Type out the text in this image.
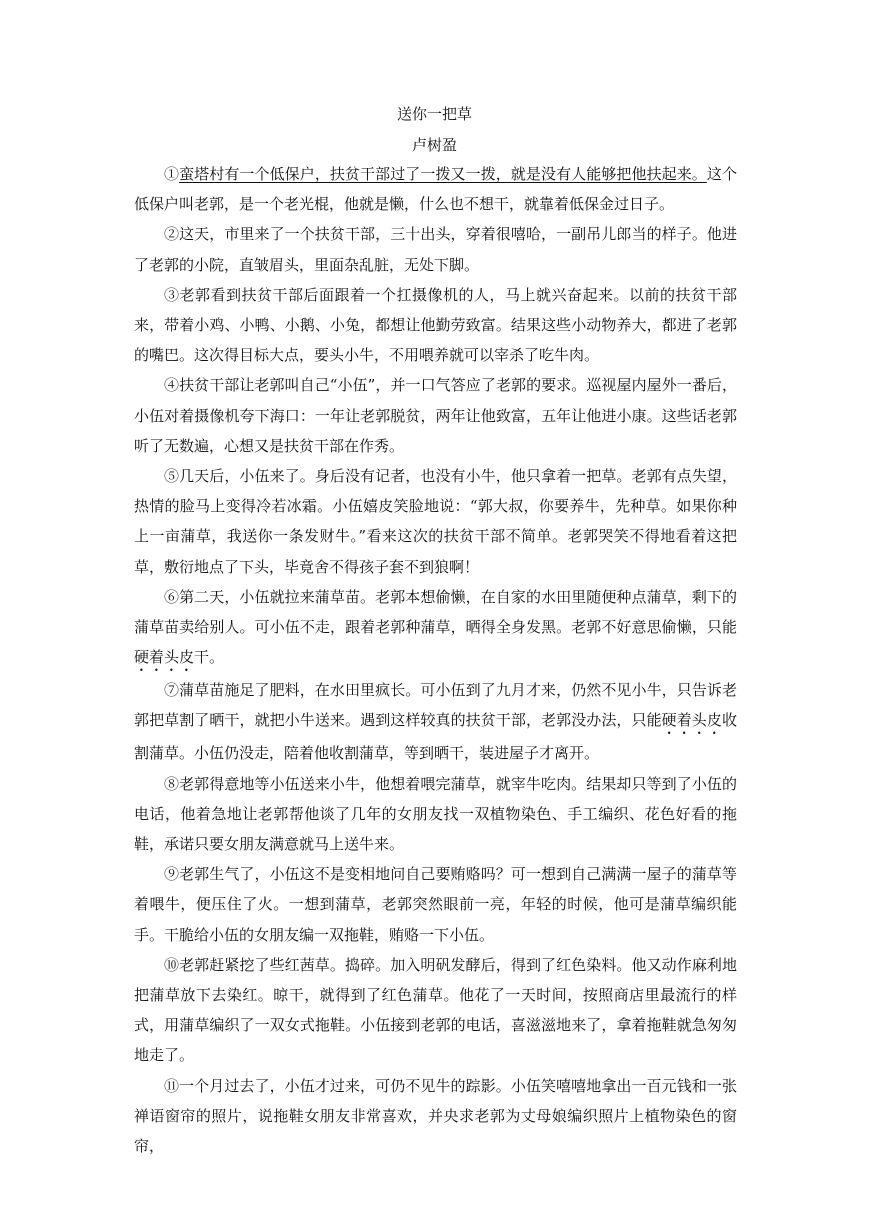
送你一把草
卢树盈

①蛮塔村有一个低保户，扶贫干部过了一拨又一拨，就是没有人能够把他扶起来。这个低保户叫老郭，是一个老光棍，他就是懒，什么也不想干，就靠着低保金过日子。

②这天，市里来了一个扶贫干部，三十出头，穿着很嘻哈，一副吊儿郎当的样子。他进了老郭的小院，直皱眉头，里面杂乱脏，无处下脚。

③老郭看到扶贫干部后面跟着一个扛摄像机的人，马上就兴奋起来。以前的扶贫干部来，带着小鸡、小鸭、小鹅、小兔，都想让他勤劳致富。结果这些小动物养大，都进了老郭的嘴巴。这次得目标大点，要头小牛，不用喂养就可以宰杀了吃牛肉。

④扶贫干部让老郭叫自己“小伍”，并一口气答应了老郭的要求。巡视屋内屋外一番后，小伍对着摄像机夸下海口：一年让老郭脱贫，两年让他致富，五年让他进小康。这些话老郭听了无数遍，心想又是扶贫干部在作秀。

⑤几天后，小伍来了。身后没有记者，也没有小牛，他只拿着一把草。老郭有点失望，热情的脸马上变得冷若冰霜。小伍嬉皮笑脸地说：“郭大叔，你要养牛，先种草。如果你种上一亩蒲草，我送你一条发财牛。”看来这次的扶贫干部不简单。老郭哭笑不得地看着这把草，敷衍地点了下头，毕竟舍不得孩子套不到狼啊！

⑥第二天，小伍就拉来蒲草苗。老郭本想偷懒，在自家的水田里随便种点蒲草，剩下的蒲草苗卖给别人。可小伍不走，跟着老郭种蒲草，晒得全身发黑。老郭不好意思偷懒，只能硬着头皮干。

⑦蒲草苗施足了肥料，在水田里疯长。可小伍到了九月才来，仍然不见小牛，只告诉老郭把草割了晒干，就把小牛送来。遇到这样较真的扶贫干部，老郭没办法，只能硬着头皮收割蒲草。小伍仍没走，陪着他收割蒲草，等到晒干，装进屋子才离开。

⑧老郭得意地等小伍送来小牛，他想着喂完蒲草，就宰牛吃肉。结果却只等到了小伍的电话，他着急地让老郭帮他谈了几年的女朋友找一双植物染色、手工编织、花色好看的拖鞋，承诺只要女朋友满意就马上送牛来。

⑨老郭生气了，小伍这不是变相地问自己要贿赂吗？可一想到自己满满一屋子的蒲草等着喂牛，便压住了火。一想到蒲草，老郭突然眼前一亮，年轻的时候，他可是蒲草编织能手。干脆给小伍的女朋友编一双拖鞋，贿赂一下小伍。

⑩老郭赶紧挖了些红茜草。捣碎。加入明矾发酵后，得到了红色染料。他又动作麻利地把蒲草放下去染红。晾干，就得到了红色蒲草。他花了一天时间，按照商店里最流行的样式，用蒲草编织了一双女式拖鞋。小伍接到老郭的电话，喜滋滋地来了，拿着拖鞋就急匆匆地走了。

⑪一个月过去了，小伍才过来，可仍不见牛的踪影。小伍笑嘻嘻地拿出一百元钱和一张禅语窗帘的照片，说拖鞋女朋友非常喜欢，并央求老郭为丈母娘编织照片上植物染色的窗帘，
